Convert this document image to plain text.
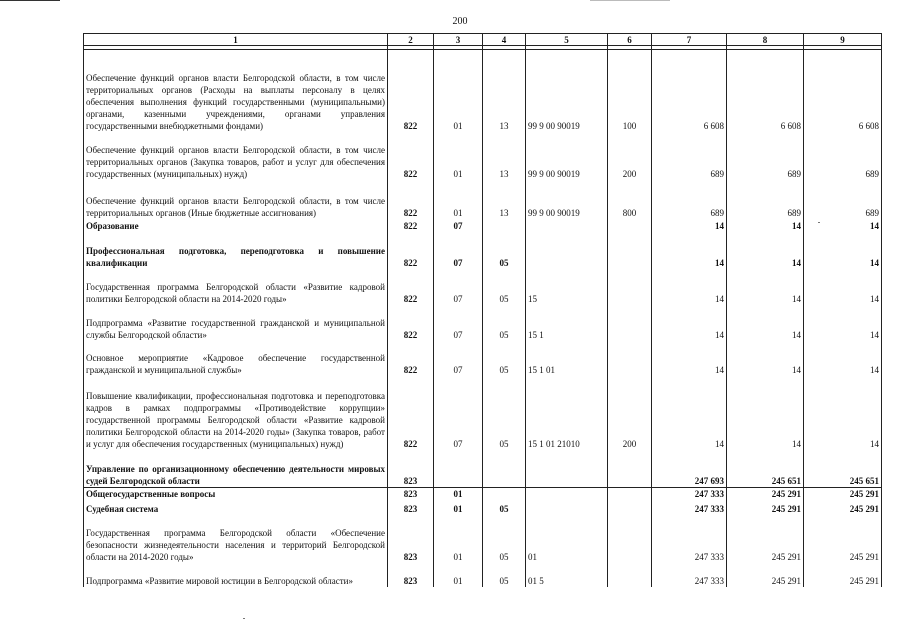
200
1	2	3	4	5	6	7	8	9

Обеспечение функций органов власти Белгородской области, в том числе территориальных органов (Расходы на выплаты персоналу в целях обеспечения выполнения функций государственными (муниципальными) органами, казенными учреждениями, органами управления государственными внебюджетными фондами)	822	01	13	99 9 00 90019	100	6 608	6 608	6 608
Обеспечение функций органов власти Белгородской области, в том числе территориальных органов (Закупка товаров, работ и услуг для обеспечения государственных (муниципальных) нужд)	822	01	13	99 9 00 90019	200	689	689	689
Обеспечение функций органов власти Белгородской области, в том числе территориальных органов (Иные бюджетные ассигнования)	822	01	13	99 9 00 90019	800	689	689	689
Образование	822	07				14	14	14
Профессиональная подготовка, переподготовка и повышение квалификации	822	07	05			14	14	14
Государственная программа Белгородской области «Развитие кадровой политики Белгородской области на 2014-2020 годы»	822	07	05	15		14	14	14
Подпрограмма «Развитие государственной гражданской и муниципальной службы Белгородской области»	822	07	05	15 1		14	14	14
Основное мероприятие «Кадровое обеспечение государственной гражданской и муниципальной службы»	822	07	05	15 1 01		14	14	14
Повышение квалификации, профессиональная подготовка и переподготовка кадров в рамках подпрограммы «Противодействие коррупции» государственной программы Белгородской области «Развитие кадровой политики Белгородской области на 2014-2020 годы» (Закупка товаров, работ и услуг для обеспечения государственных (муниципальных) нужд)	822	07	05	15 1 01 21010	200	14	14	14
Управление по организационному обеспечению деятельности мировых судей Белгородской области	823					247 693	245 651	245 651
Общегосударственные вопросы	823	01				247 333	245 291	245 291
Судебная система	823	01	05			247 333	245 291	245 291
Государственная программа Белгородской области «Обеспечение безопасности жизнедеятельности населения и территорий Белгородской области на 2014-2020 годы»	823	01	05	01		247 333	245 291	245 291
Подпрограмма «Развитие мировой юстиции в Белгородской области»	823	01	05	01 5		247 333	245 291	245 291
